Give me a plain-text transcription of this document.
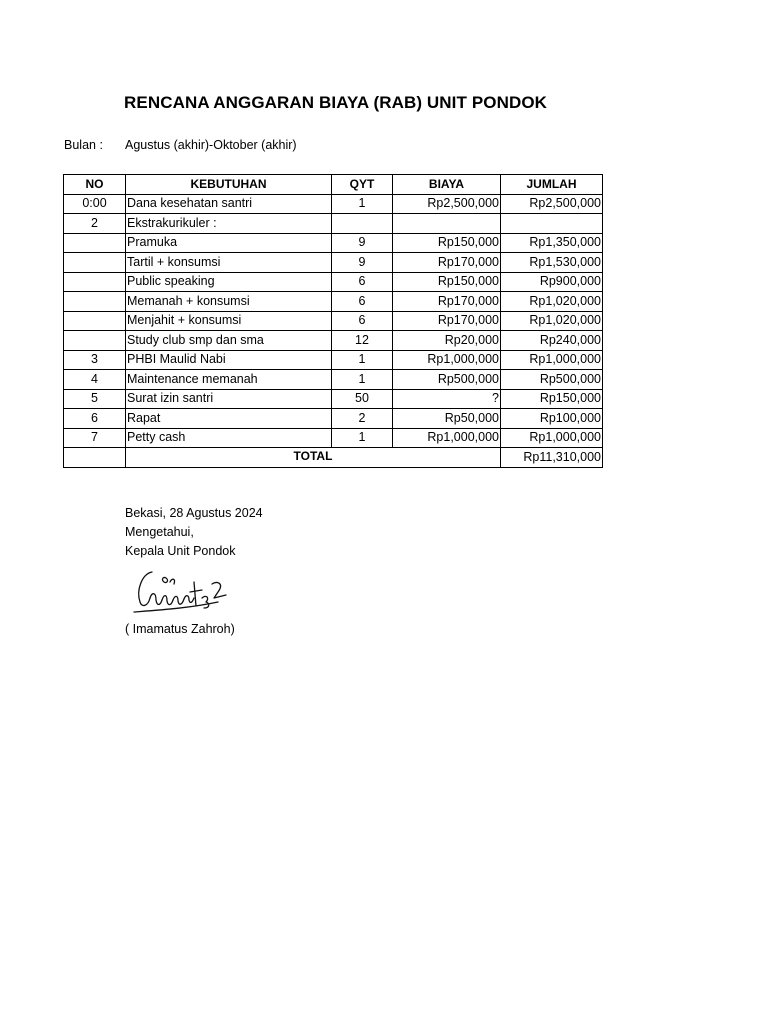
RENCANA ANGGARAN BIAYA (RAB) UNIT PONDOK
Bulan : Agustus (akhir)-Oktober (akhir)
NO	KEBUTUHAN	QYT	BIAYA	JUMLAH
0:00	Dana kesehatan santri	1	Rp2,500,000	Rp2,500,000
2	Ekstrakurikuler :			
	Pramuka	9	Rp150,000	Rp1,350,000
	Tartil + konsumsi	9	Rp170,000	Rp1,530,000
	Public speaking	6	Rp150,000	Rp900,000
	Memanah + konsumsi	6	Rp170,000	Rp1,020,000
	Menjahit + konsumsi	6	Rp170,000	Rp1,020,000
	Study club smp dan sma	12	Rp20,000	Rp240,000
3	PHBI Maulid Nabi	1	Rp1,000,000	Rp1,000,000
4	Maintenance memanah	1	Rp500,000	Rp500,000
5	Surat izin santri	50	?	Rp150,000
6	Rapat	2	Rp50,000	Rp100,000
7	Petty cash	1	Rp1,000,000	Rp1,000,000
	TOTAL			Rp11,310,000
Bekasi, 28 Agustus 2024
Mengetahui,
Kepala Unit Pondok
( Imamatus Zahroh)
